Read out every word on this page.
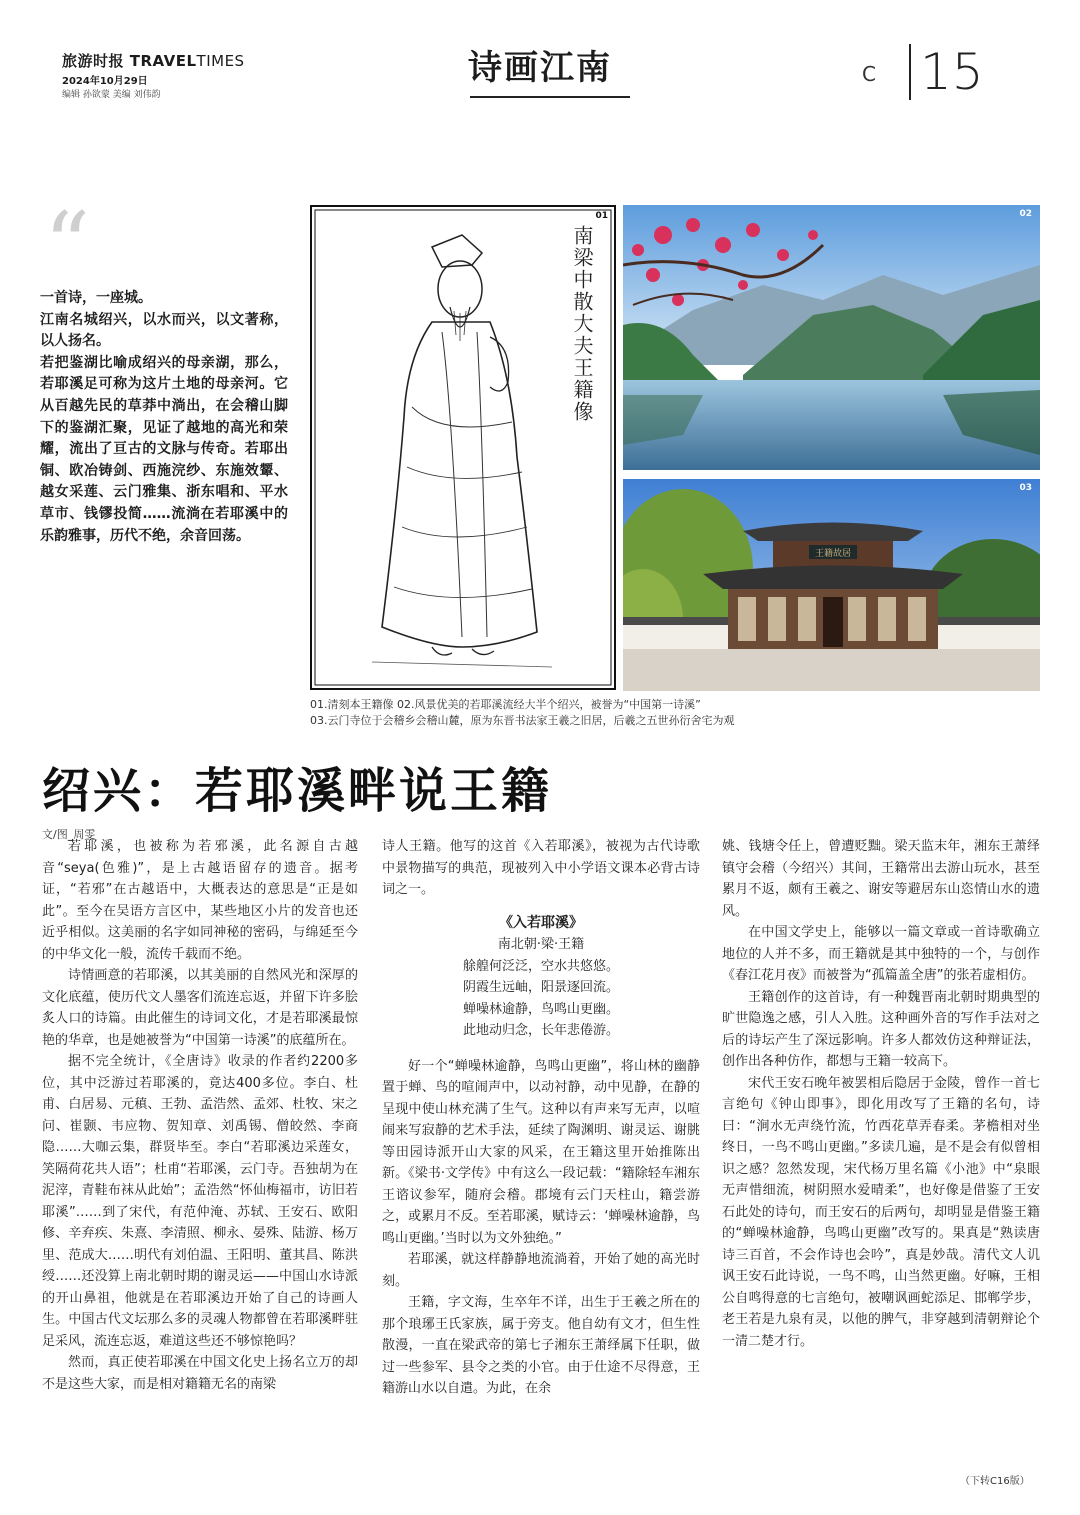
旅游时报 TRAVELTIMES
2024年10月29日
编辑 孙欲蒙 美编 刘伟韵
诗画江南	C 15
“

一首诗，一座城。

江南名城绍兴，以水而兴，以文著称，以人扬名。

若把鉴湖比喻成绍兴的母亲湖，那么，若耶溪足可称为这片土地的母亲河。它从百越先民的草莽中淌出，在会稽山脚下的鉴湖汇聚，见证了越地的高光和荣耀，流出了亘古的文脉与传奇。若耶出铜、欧冶铸剑、西施浣纱、东施效颦、越女采莲、云门雅集、浙东唱和、平水草市、钱镠投简……流淌在若耶溪中的乐韵雅事，历代不绝，余音回荡。

01
南梁中散大夫王籍像
02
王籍故居
03
01.清刻本王籍像 02.风景优美的若耶溪流经大半个绍兴，被誉为“中国第一诗溪”
03.云门寺位于会稽乡会稽山麓，原为东晋书法家王羲之旧居，后羲之五世孙衍舍宅为观
绍兴：若耶溪畔说王籍
文/图_周雯

若耶溪，也被称为若邪溪，此名源自古越音“seya(色雅)”，是上古越语留存的遗音。据考证，“若邪”在古越语中，大概表达的意思是“正是如此”。至今在吴语方言区中，某些地区小片的发音也还近乎相似。这美丽的名字如同神秘的密码，与绵延至今的中华文化一般，流传千载而不绝。

诗情画意的若耶溪，以其美丽的自然风光和深厚的文化底蕴，使历代文人墨客们流连忘返，并留下许多脍炙人口的诗篇。由此催生的诗词文化，才是若耶溪最惊艳的华章，也是她被誉为“中国第一诗溪”的底蕴所在。

据不完全统计，《全唐诗》收录的作者约2200多位，其中泛游过若耶溪的，竟达400多位。李白、杜甫、白居易、元稹、王勃、孟浩然、孟郊、杜牧、宋之问、崔颢、韦应物、贺知章、刘禹锡、僧皎然、李商隐……大咖云集，群贤毕至。李白“若耶溪边采莲女，笑隔荷花共人语”；杜甫“若耶溪，云门寺。吾独胡为在泥滓，青鞋布袜从此始”；孟浩然“怀仙梅福市，访旧若耶溪”……到了宋代，有范仲淹、苏轼、王安石、欧阳修、辛弃疾、朱熹、李清照、柳永、晏殊、陆游、杨万里、范成大……明代有刘伯温、王阳明、董其昌、陈洪绶……还没算上南北朝时期的谢灵运——中国山水诗派的开山鼻祖，他就是在若耶溪边开始了自己的诗画人生。中国古代文坛那么多的灵魂人物都曾在若耶溪畔驻足采风，流连忘返，难道这些还不够惊艳吗？

然而，真正使若耶溪在中国文化史上扬名立万的却不是这些大家，而是相对籍籍无名的南梁

诗人王籍。他写的这首《入若耶溪》，被视为古代诗歌中景物描写的典范，现被列入中小学语文课本必背古诗词之一。

《入若耶溪》
南北朝·梁·王籍
艅艎何泛泛，空水共悠悠。
阴霞生远岫，阳景逐回流。
蝉噪林逾静，鸟鸣山更幽。
此地动归念，长年悲倦游。

好一个“蝉噪林逾静，鸟鸣山更幽”，将山林的幽静置于蝉、鸟的喧闹声中，以动衬静，动中见静，在静的呈现中使山林充满了生气。这种以有声来写无声，以喧闹来写寂静的艺术手法，延续了陶渊明、谢灵运、谢朓等田园诗派开山大家的风采，在王籍这里开始推陈出新。《梁书·文学传》中有这么一段记载：“籍除轻车湘东王谘议参军，随府会稽。郡境有云门天柱山，籍尝游之，或累月不反。至若耶溪，赋诗云：‘蝉噪林逾静，鸟鸣山更幽。’当时以为文外独绝。”

若耶溪，就这样静静地流淌着，开始了她的高光时刻。

王籍，字文海，生卒年不详，出生于王羲之所在的那个琅琊王氏家族，属于旁支。他自幼有文才，但生性散漫，一直在梁武帝的第七子湘东王萧绎属下任职，做过一些参军、县令之类的小官。由于仕途不尽得意，王籍游山水以自遣。为此，在余

姚、钱塘令任上，曾遭贬黜。梁天监末年，湘东王萧绎镇守会稽（今绍兴）其间，王籍常出去游山玩水，甚至累月不返，颇有王羲之、谢安等避居东山恣情山水的遗风。

在中国文学史上，能够以一篇文章或一首诗歌确立地位的人并不多，而王籍就是其中独特的一个，与创作《春江花月夜》而被誉为“孤篇盖全唐”的张若虚相仿。

王籍创作的这首诗，有一种魏晋南北朝时期典型的旷世隐逸之感，引人入胜。这种画外音的写作手法对之后的诗坛产生了深远影响。许多人都效仿这种辩证法，创作出各种仿作，都想与王籍一较高下。

宋代王安石晚年被罢相后隐居于金陵，曾作一首七言绝句《钟山即事》，即化用改写了王籍的名句，诗曰：“涧水无声绕竹流，竹西花草弄春柔。茅檐相对坐终日，一鸟不鸣山更幽。”多读几遍，是不是会有似曾相识之感？忽然发现，宋代杨万里名篇《小池》中“泉眼无声惜细流，树阴照水爱晴柔”，也好像是借鉴了王安石此处的诗句，而王安石的后两句，却明显是借鉴王籍的“蝉噪林逾静，鸟鸣山更幽”改写的。果真是“熟读唐诗三百首，不会作诗也会吟”，真是妙哉。清代文人讥讽王安石此诗说，一鸟不鸣，山当然更幽。好嘛，王相公自鸣得意的七言绝句，被嘲讽画蛇添足、邯郸学步，老王若是九泉有灵，以他的脾气，非穿越到清朝辩论个一清二楚才行。

（下转C16版）
